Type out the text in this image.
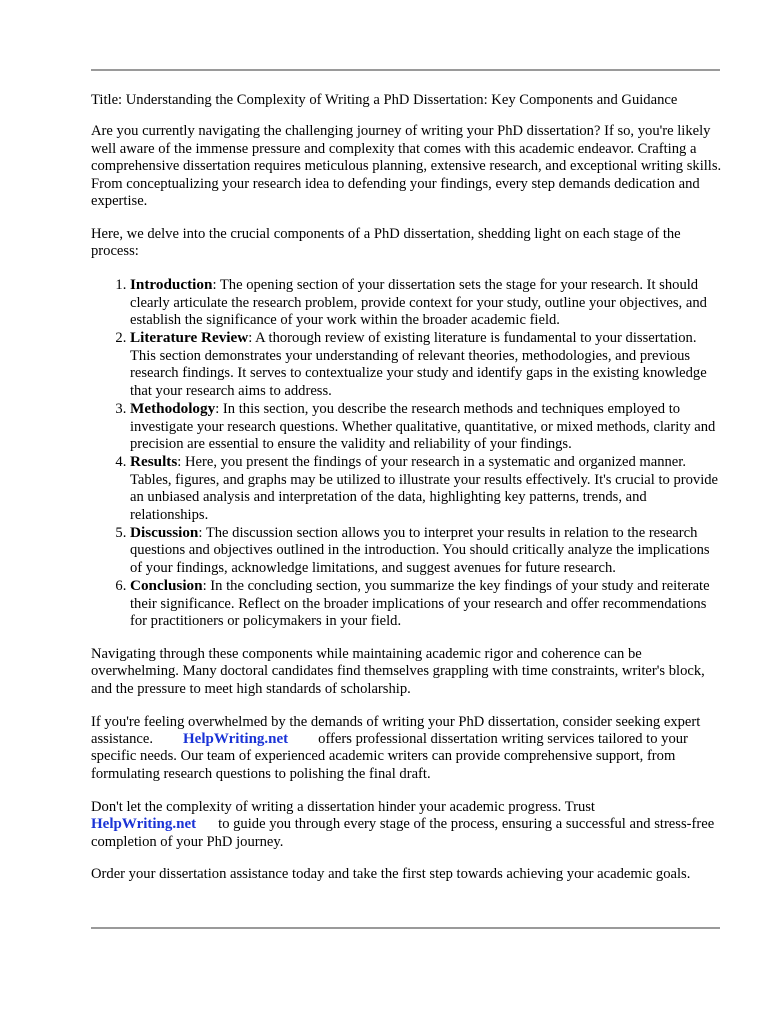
Title: Understanding the Complexity of Writing a PhD Dissertation: Key Components and Guidance

Are you currently navigating the challenging journey of writing your PhD dissertation? If so, you're likely well aware of the immense pressure and complexity that comes with this academic endeavor. Crafting a comprehensive dissertation requires meticulous planning, extensive research, and exceptional writing skills. From conceptualizing your research idea to defending your findings, every step demands dedication and expertise.

Here, we delve into the crucial components of a PhD dissertation, shedding light on each stage of the process:

1. Introduction: The opening section of your dissertation sets the stage for your research. It should clearly articulate the research problem, provide context for your study, outline your objectives, and establish the significance of your work within the broader academic field.
2. Literature Review: A thorough review of existing literature is fundamental to your dissertation. This section demonstrates your understanding of relevant theories, methodologies, and previous research findings. It serves to contextualize your study and identify gaps in the existing knowledge that your research aims to address.
3. Methodology: In this section, you describe the research methods and techniques employed to investigate your research questions. Whether qualitative, quantitative, or mixed methods, clarity and precision are essential to ensure the validity and reliability of your findings.
4. Results: Here, you present the findings of your research in a systematic and organized manner. Tables, figures, and graphs may be utilized to illustrate your results effectively. It's crucial to provide an unbiased analysis and interpretation of the data, highlighting key patterns, trends, and relationships.
5. Discussion: The discussion section allows you to interpret your results in relation to the research questions and objectives outlined in the introduction. You should critically analyze the implications of your findings, acknowledge limitations, and suggest avenues for future research.
6. Conclusion: In the concluding section, you summarize the key findings of your study and reiterate their significance. Reflect on the broader implications of your research and offer recommendations for practitioners or policymakers in your field.

Navigating through these components while maintaining academic rigor and coherence can be overwhelming. Many doctoral candidates find themselves grappling with time constraints, writer's block, and the pressure to meet high standards of scholarship.

If you're feeling overwhelmed by the demands of writing your PhD dissertation, consider seeking expert assistance. HelpWriting.net offers professional dissertation writing services tailored to your specific needs. Our team of experienced academic writers can provide comprehensive support, from formulating research questions to polishing the final draft.

Don't let the complexity of writing a dissertation hinder your academic progress. Trust
HelpWriting.net to guide you through every stage of the process, ensuring a successful and stress-free completion of your PhD journey.

Order your dissertation assistance today and take the first step towards achieving your academic goals.
